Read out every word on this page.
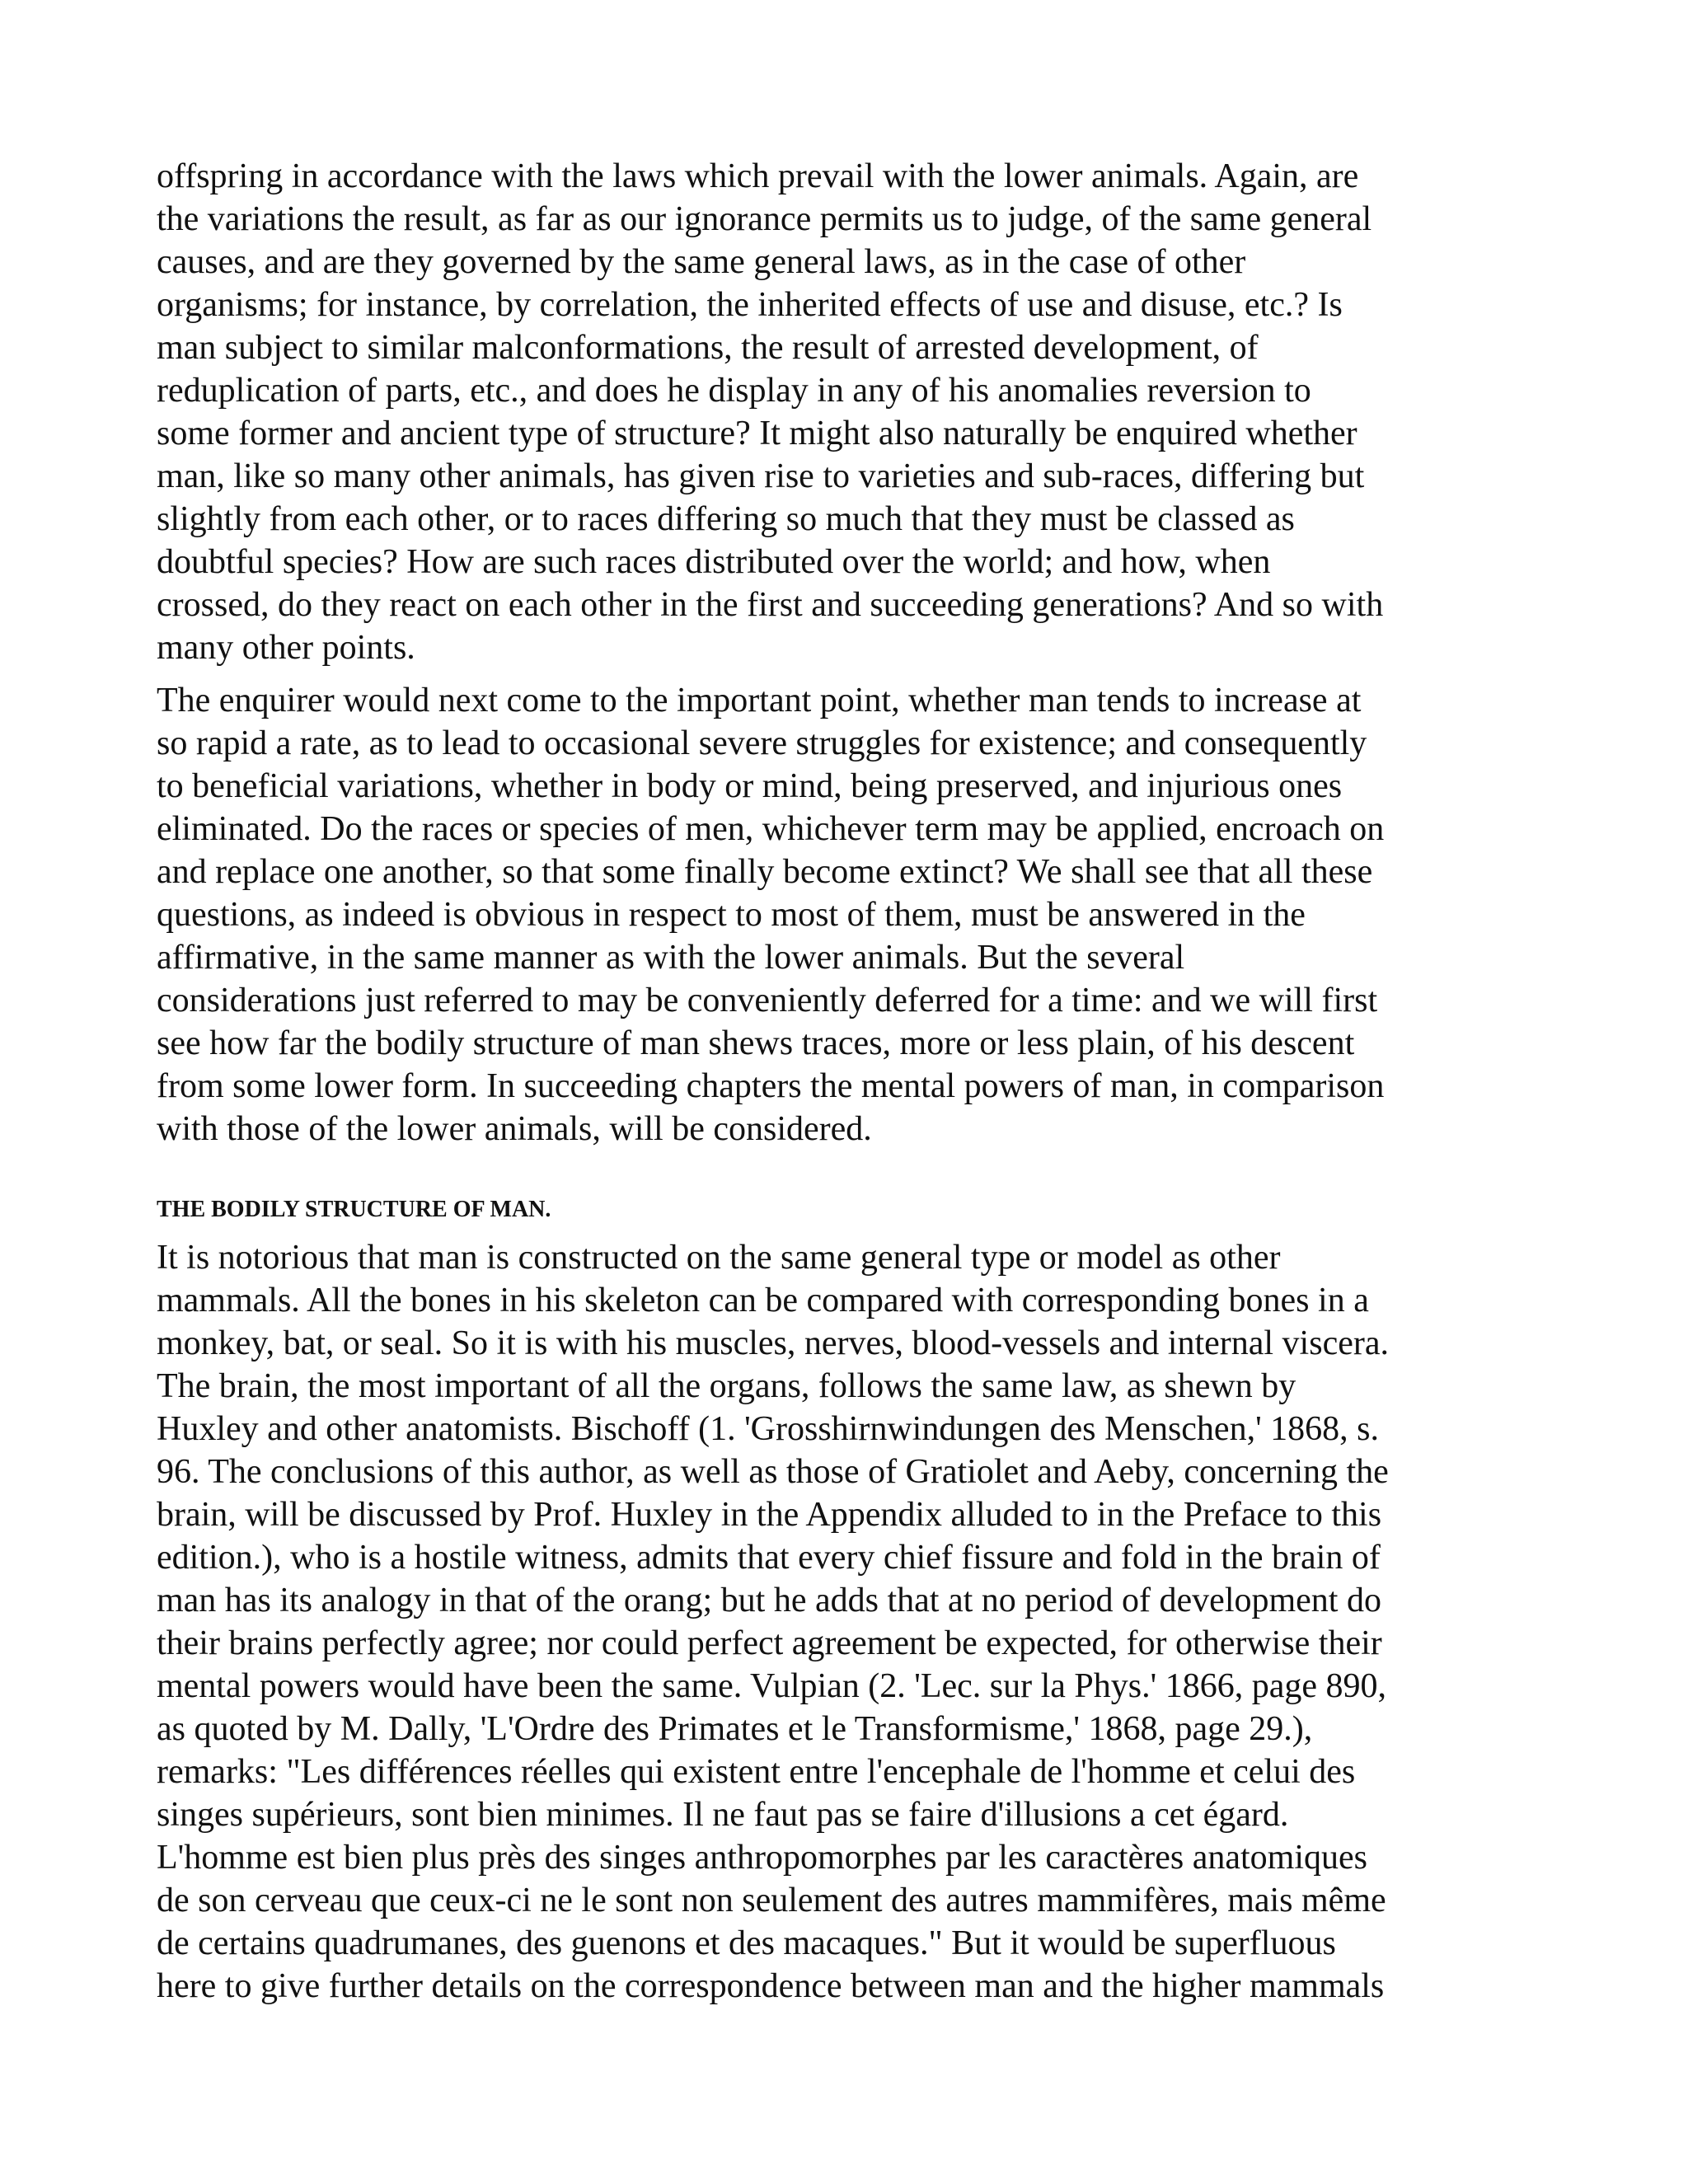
offspring in accordance with the laws which prevail with the lower animals. Again, are
the variations the result, as far as our ignorance permits us to judge, of the same general
causes, and are they governed by the same general laws, as in the case of other
organisms; for instance, by correlation, the inherited effects of use and disuse, etc.? Is
man subject to similar malconformations, the result of arrested development, of
reduplication of parts, etc., and does he display in any of his anomalies reversion to
some former and ancient type of structure? It might also naturally be enquired whether
man, like so many other animals, has given rise to varieties and sub-races, differing but
slightly from each other, or to races differing so much that they must be classed as
doubtful species? How are such races distributed over the world; and how, when
crossed, do they react on each other in the first and succeeding generations? And so with
many other points.

The enquirer would next come to the important point, whether man tends to increase at
so rapid a rate, as to lead to occasional severe struggles for existence; and consequently
to beneficial variations, whether in body or mind, being preserved, and injurious ones
eliminated. Do the races or species of men, whichever term may be applied, encroach on
and replace one another, so that some finally become extinct? We shall see that all these
questions, as indeed is obvious in respect to most of them, must be answered in the
affirmative, in the same manner as with the lower animals. But the several
considerations just referred to may be conveniently deferred for a time: and we will first
see how far the bodily structure of man shews traces, more or less plain, of his descent
from some lower form. In succeeding chapters the mental powers of man, in comparison
with those of the lower animals, will be considered.

THE BODILY STRUCTURE OF MAN.

It is notorious that man is constructed on the same general type or model as other
mammals. All the bones in his skeleton can be compared with corresponding bones in a
monkey, bat, or seal. So it is with his muscles, nerves, blood-vessels and internal viscera.
The brain, the most important of all the organs, follows the same law, as shewn by
Huxley and other anatomists. Bischoff (1. 'Grosshirnwindungen des Menschen,' 1868, s.
96. The conclusions of this author, as well as those of Gratiolet and Aeby, concerning the
brain, will be discussed by Prof. Huxley in the Appendix alluded to in the Preface to this
edition.), who is a hostile witness, admits that every chief fissure and fold in the brain of
man has its analogy in that of the orang; but he adds that at no period of development do
their brains perfectly agree; nor could perfect agreement be expected, for otherwise their
mental powers would have been the same. Vulpian (2. 'Lec. sur la Phys.' 1866, page 890,
as quoted by M. Dally, 'L'Ordre des Primates et le Transformisme,' 1868, page 29.),
remarks: "Les différences réelles qui existent entre l'encephale de l'homme et celui des
singes supérieurs, sont bien minimes. Il ne faut pas se faire d'illusions a cet égard.
L'homme est bien plus près des singes anthropomorphes par les caractères anatomiques
de son cerveau que ceux-ci ne le sont non seulement des autres mammifères, mais même
de certains quadrumanes, des guenons et des macaques." But it would be superfluous
here to give further details on the correspondence between man and the higher mammals
